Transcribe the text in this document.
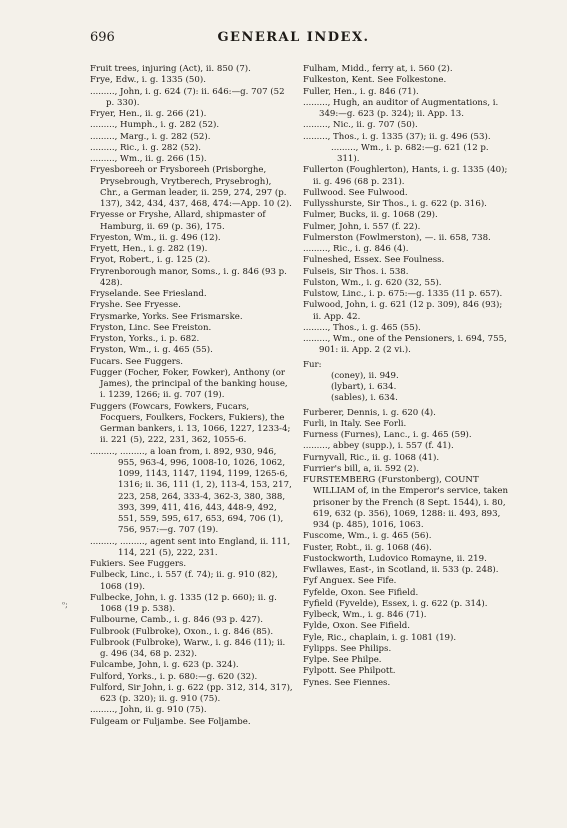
696	GENERAL INDEX.

Fruit trees, injuring (Act), ii. 850 (7).

Frye, Edw., i. g. 1335 (50).

........., John, i. g. 624 (7): ii. 646:—g. 707 (52 p. 330).

Fryer, Hen., ii. g. 266 (21).

........., Humph., i. g. 282 (52).

........., Marg., i. g. 282 (52).

........., Ric., i. g. 282 (52).

........., Wm., ii. g. 266 (15).

Fryesboreeh or Frysboreeh (Prisborghe, Prysebrough, Vrytberech, Prysebrogh), Chr., a German leader, ii. 259, 274, 297 (p. 137), 342, 434, 437, 468, 474:—App. 10 (2).

Fryesse or Fryshe, Allard, shipmaster of Hamburg, ii. 69 (p. 36), 175.

Fryeston, Wm., ii. g. 496 (12).

Fryett, Hen., i. g. 282 (19).

Fryot, Robert., i. g. 125 (2).

Fryrenborough manor, Soms., i. g. 846 (93 p. 428).

Fryselande. See Friesland.

Fryshe. See Fryesse.

Frysmarke, Yorks. See Frismarske.

Fryston, Linc. See Freiston.

Fryston, Yorks., i. p. 682.

Fryston, Wm., i. g. 465 (55).

Fucars. See Fuggers.

Fugger (Focher, Foker, Fowker), Anthony (or James), the principal of the banking house, i. 1239, 1266; ii. g. 707 (19).

Fuggers (Fowcars, Fowkers, Fucars, Focquers, Foulkers, Fockers, Fukiers), the German bankers, i. 13, 1066, 1227, 1233-4; ii. 221 (5), 222, 231, 362, 1055-6.

........., ........., a loan from, i. 892, 930, 946, 955, 963-4, 996, 1008-10, 1026, 1062, 1099, 1143, 1147, 1194, 1199, 1265-6, 1316; ii. 36, 111 (1, 2), 113-4, 153, 217, 223, 258, 264, 333-4, 362-3, 380, 388, 393, 399, 411, 416, 443, 448-9, 492, 551, 559, 595, 617, 653, 694, 706 (1), 756, 957:—g. 707 (19).

........., ........., agent sent into England, ii. 111, 114, 221 (5), 222, 231.

Fukiers. See Fuggers.

Fulbeck, Linc., i. 557 (f. 74); ii. g. 910 (82), 1068 (19).

Fulbecke, John, i. g. 1335 (12 p. 660); ii. g. 1068 (19 p. 538).

Fulbourne, Camb., i. g. 846 (93 p. 427).

Fulbrook (Fulbroke), Oxon., i. g. 846 (85).

Fulbrook (Fulbroke), Warw., i. g. 846 (11); ii. g. 496 (34, 68 p. 232).

Fulcambe, John, i. g. 623 (p. 324).

Fulford, Yorks., i. p. 680:—g. 620 (32).

Fulford, Sir John, i. g. 622 (pp. 312, 314, 317), 623 (p. 320); ii. g. 910 (75).

........., John, ii. g. 910 (75).

Fulgeam or Fuljambe. See Foljambe.

Fulham, Midd., ferry at, i. 560 (2).

Fulkeston, Kent. See Folkestone.

Fuller, Hen., i. g. 846 (71).

........., Hugh, an auditor of Augmentations, i. 349:—g. 623 (p. 324); ii. App. 13.

........., Nic., ii. g. 707 (50).

........., Thos., i. g. 1335 (37); ii. g. 496 (53).

........., Wm., i. p. 682:—g. 621 (12 p. 311).

Fullerton (Foughlerton), Hants, i. g. 1335 (40); ii. g. 496 (68 p. 231).

Fullwood. See Fulwood.

Fullysshurste, Sir Thos., i. g. 622 (p. 316).

Fulmer, Bucks, ii. g. 1068 (29).

Fulmer, John, i. 557 (f. 22).

Fulmerston (Fowlmerston), —. ii. 658, 738.

........., Ric., i. g. 846 (4).

Fulneshed, Essex. See Foulness.

Fulseis, Sir Thos. i. 538.

Fulston, Wm., i. g. 620 (32, 55).

Fulstow, Linc., i. p. 675:—g. 1335 (11 p. 657).

Fulwood, John, i. g. 621 (12 p. 309), 846 (93); ii. App. 42.

........., Thos., i. g. 465 (55).

........., Wm., one of the Pensioners, i. 694, 755, 901: ii. App. 2 (2 vi.).

Fur:

(coney), ii. 949.

(lybart), i. 634.

(sables), i. 634.

Furberer, Dennis, i. g. 620 (4).

Furli, in Italy. See Forli.

Furness (Furnes), Lanc., i. g. 465 (59).

........., abbey (supp.), i. 557 (f. 41).

Furnyvall, Ric., ii. g. 1068 (41).

Furrier's bill, a, ii. 592 (2).

FURSTEMBERG (Furstonberg), COUNT WILLIAM of, in the Emperor's service, taken prisoner by the French (8 Sept. 1544), i. 80, 619, 632 (p. 356), 1069, 1288: ii. 493, 893, 934 (p. 485), 1016, 1063.

Fuscome, Wm., i. g. 465 (56).

Fuster, Robt., ii. g. 1068 (46).

Fustockworth, Ludovico Romayne, ii. 219.

Fwllawes, East-, in Scotland, ii. 533 (p. 248).

Fyf Anguex. See Fife.

Fyfelde, Oxon. See Fifield.

Fyfield (Fyvelde), Essex, i. g. 622 (p. 314).

Fylbeck, Wm., i. g. 846 (71).

Fylde, Oxon. See Fifield.

Fyle, Ric., chaplain, i. g. 1081 (19).

Fylipps. See Philips.

Fylpe. See Philpe.

Fylpott. See Philpott.

Fynes. See Fiennes.

ᵒ;
